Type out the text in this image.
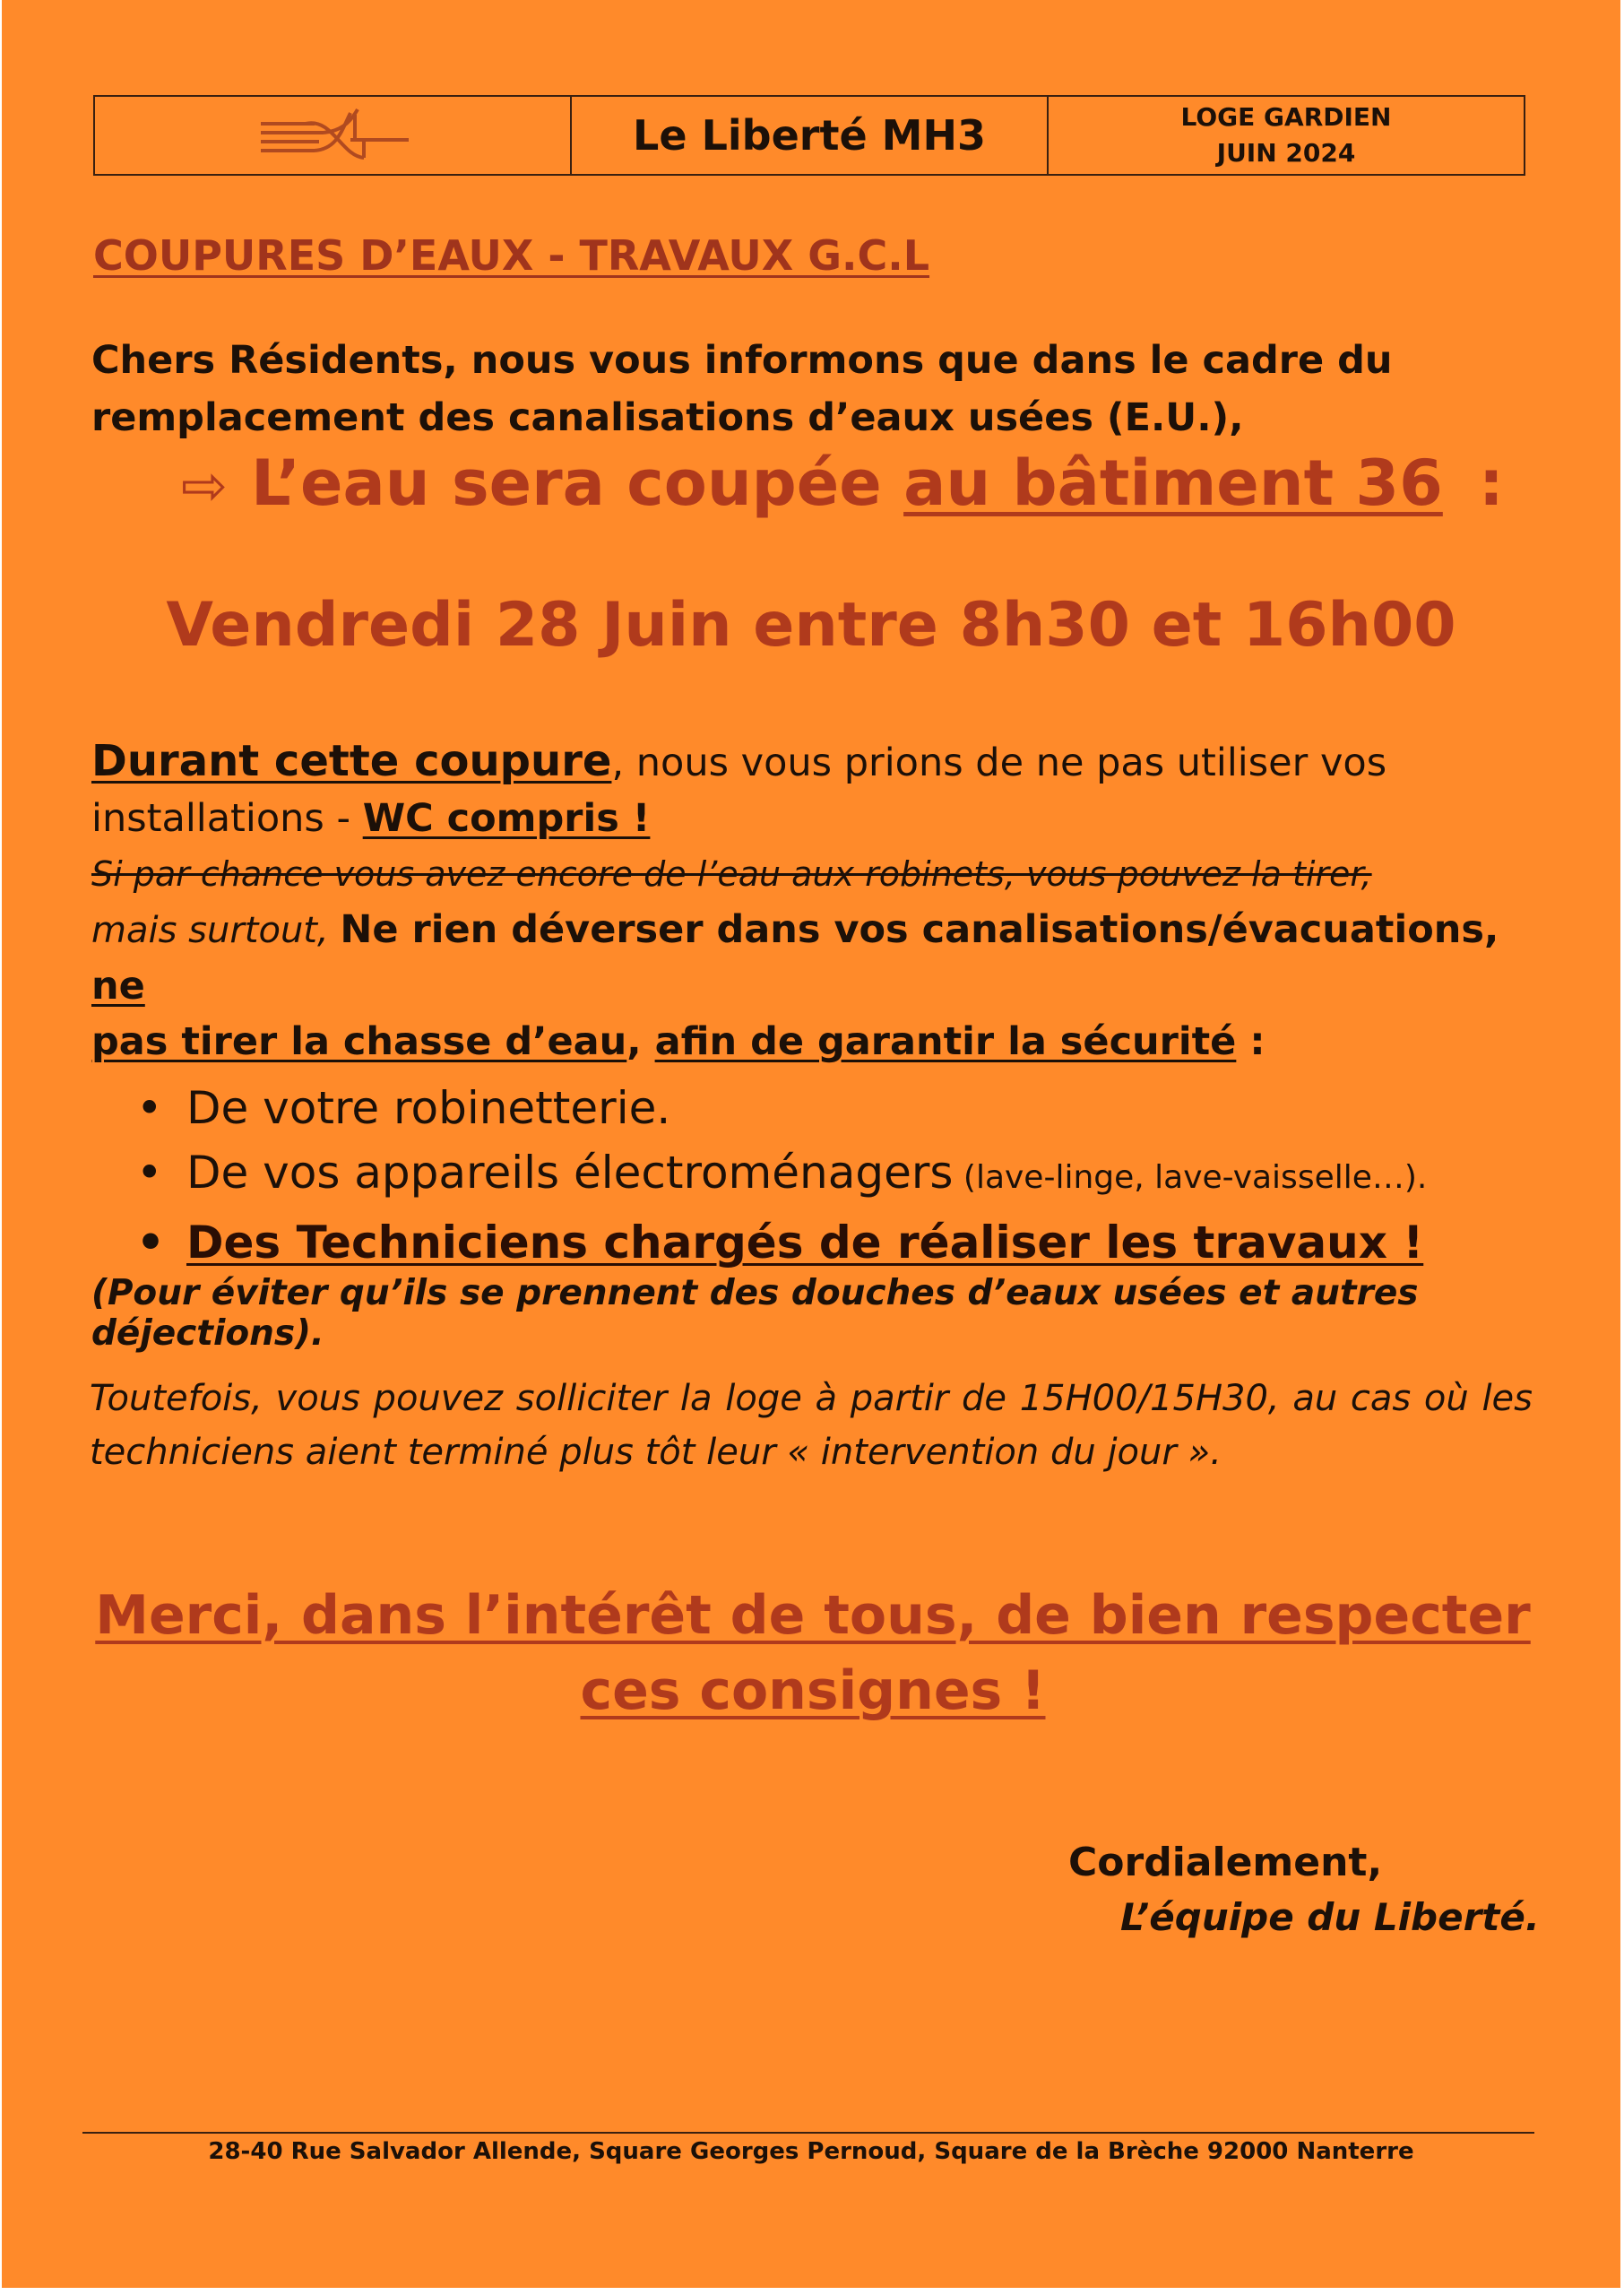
Le Liberté MH3	LOGE GARDIEN
JUIN 2024
COUPURES D’EAUX - TRAVAUX G.C.L
Chers Résidents, nous vous informons que dans le cadre du
remplacement des canalisations d’eaux usées (E.U.),
⇨ L’eau sera coupée au bâtiment 36 :
Vendredi 28 Juin entre 8h30 et 16h00
Durant cette coupure, nous vous prions de ne pas utiliser vos
installations - WC compris !
Si par chance vous avez encore de l’eau aux robinets, vous pouvez la tirer,
mais surtout, Ne rien déverser dans vos canalisations/évacuations, ne
pas tirer la chasse d’eau, afin de garantir la sécurité :
• De votre robinetterie.
• De vos appareils électroménagers (lave-linge, lave-vaisselle…).
• Des Techniciens chargés de réaliser les travaux !
(Pour éviter qu’ils se prennent des douches d’eaux usées et autres déjections).
Toutefois, vous pouvez solliciter la loge à partir de 15H00/15H30, au cas où les techniciens aient terminé plus tôt leur « intervention du jour ».
Merci, dans l’intérêt de tous, de bien respecter ces consignes !
Cordialement,
L’équipe du Liberté.
28-40 Rue Salvador Allende, Square Georges Pernoud, Square de la Brèche 92000 Nanterre
